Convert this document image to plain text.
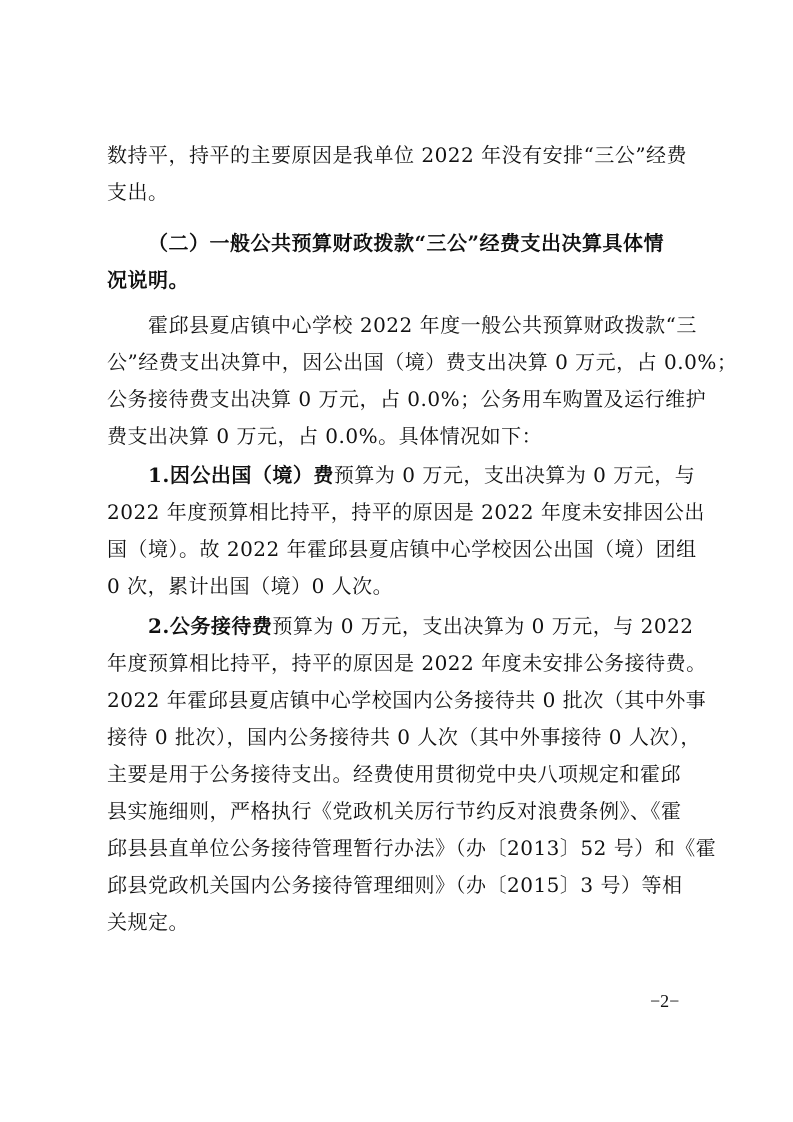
数持平，持平的主要原因是我单位 2022 年没有安排“三公”经费
支出。
（二）一般公共预算财政拨款“三公”经费支出决算具体情
况说明。
霍邱县夏店镇中心学校 2022 年度一般公共预算财政拨款“三
公”经费支出决算中，因公出国（境）费支出决算 0 万元，占 0.0%；
公务接待费支出决算 0 万元，占 0.0%；公务用车购置及运行维护
费支出决算 0 万元，占 0.0%。具体情况如下：
1.因公出国（境）费预算为 0 万元，支出决算为 0 万元，与
2022 年度预算相比持平，持平的原因是 2022 年度未安排因公出
国（境）。故 2022 年霍邱县夏店镇中心学校因公出国（境）团组
0 次，累计出国（境）0 人次。
2.公务接待费预算为 0 万元，支出决算为 0 万元，与 2022
年度预算相比持平，持平的原因是 2022 年度未安排公务接待费。
2022 年霍邱县夏店镇中心学校国内公务接待共 0 批次（其中外事
接待 0 批次），国内公务接待共 0 人次（其中外事接待 0 人次），
主要是用于公务接待支出。经费使用贯彻党中央八项规定和霍邱
县实施细则，严格执行《党政机关厉行节约反对浪费条例》、《霍
邱县县直单位公务接待管理暂行办法》（办〔2013〕52 号）和《霍
邱县党政机关国内公务接待管理细则》（办〔2015〕3 号）等相
关规定。
−2−
